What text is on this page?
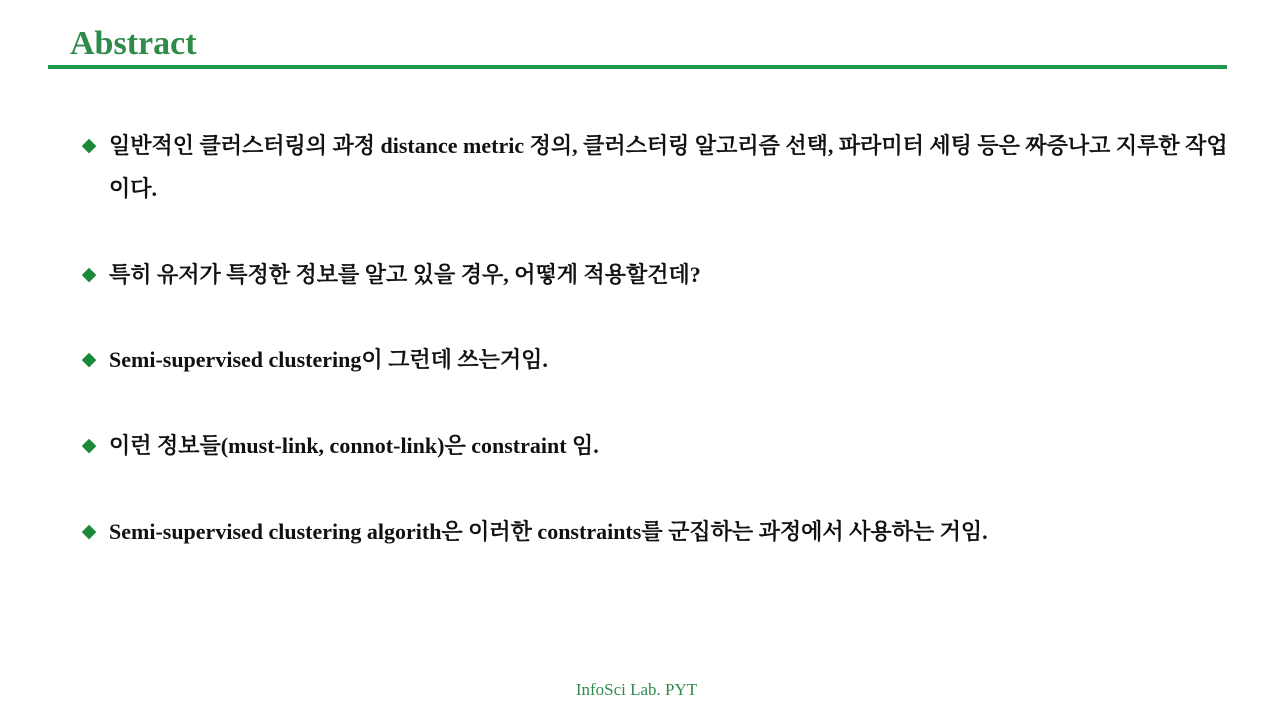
Abstract
◆ 일반적인 클러스터링의 과정 distance metric 정의, 클러스터링 알고리즘 선택, 파라미터 세팅 등은 짜증나고 지루한 작업이다.
◆ 특히 유저가 특정한 정보를 알고 있을 경우, 어떻게 적용할건데?
◆ Semi-supervised clustering이 그런데 쓰는거임.
◆ 이런 정보들(must-link, connot-link)은 constraint 임.
◆ Semi-supervised clustering algorith은 이러한 constraints를 군집하는 과정에서 사용하는 거임.
InfoSci Lab. PYT
